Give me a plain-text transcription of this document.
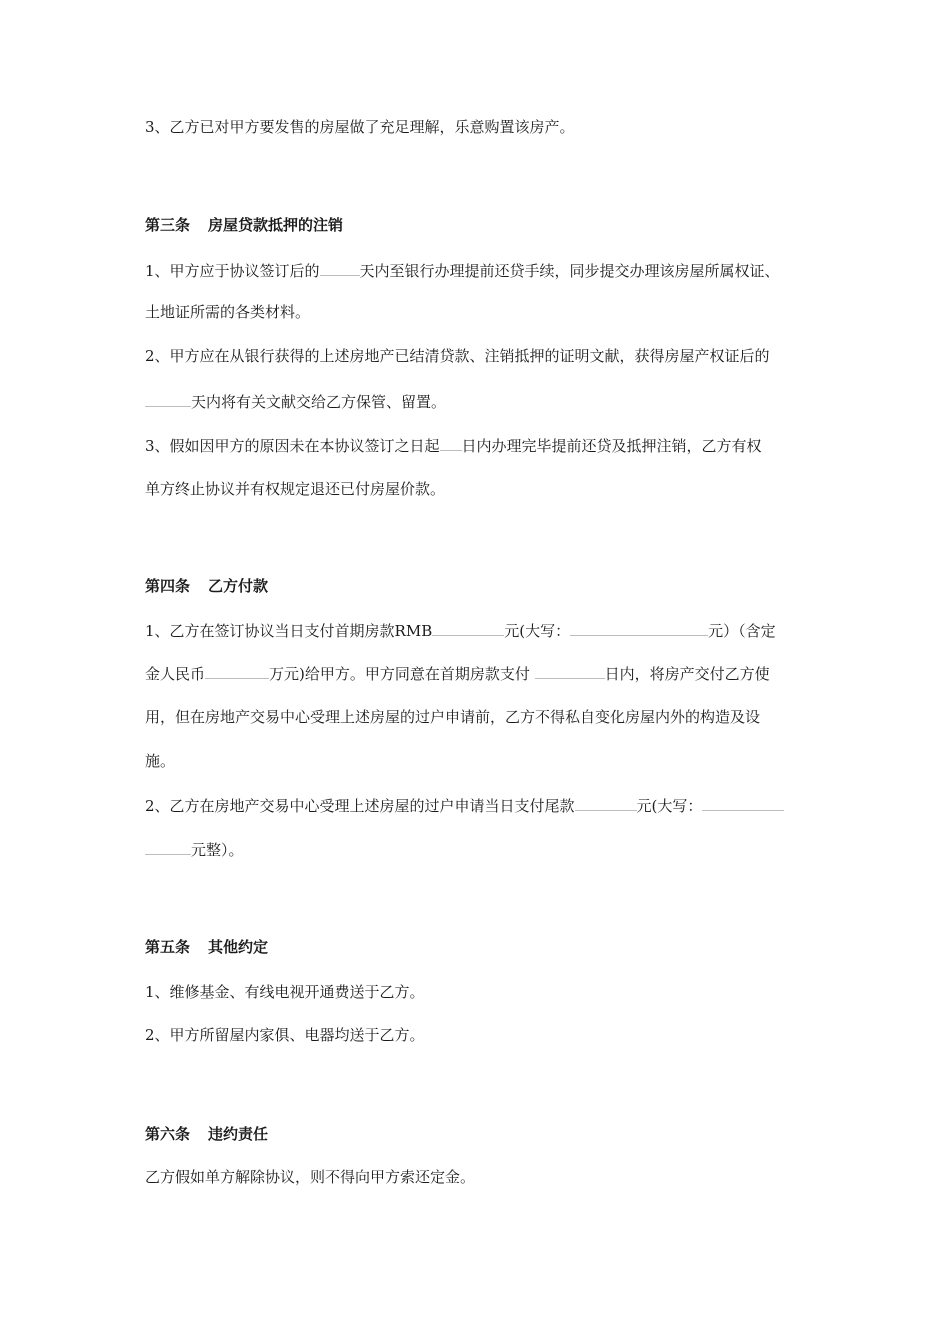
3、乙方已对甲方要发售的房屋做了充足理解，乐意购置该房产。
第三条 房屋贷款抵押的注销
1、甲方应于协议签订后的	天内至银行办理提前还贷手续，同步提交办理该房屋所属权证、
土地证所需的各类材料。
2、甲方应在从银行获得的上述房地产已结清贷款、注销抵押的证明文献，获得房屋产权证后的
天内将有关文献交给乙方保管、留置。
3、假如因甲方的原因未在本协议签订之日起 日内办理完毕提前还贷及抵押注销，乙方有权
单方终止协议并有权规定退还已付房屋价款。
第四条 乙方付款
1、乙方在签订协议当日支付首期房款RMB	元(大写：	元）（含定
金人民币	万元)给甲方。甲方同意在首期房款支付	日内，将房产交付乙方使
用，但在房地产交易中心受理上述房屋的过户申请前，乙方不得私自变化房屋内外的构造及设
施。
2、乙方在房地产交易中心受理上述房屋的过户申请当日支付尾款	元(大写：
元整）。
第五条 其他约定
1、维修基金、有线电视开通费送于乙方。
2、甲方所留屋内家俱、电器均送于乙方。
第六条 违约责任
乙方假如单方解除协议，则不得向甲方索还定金。
